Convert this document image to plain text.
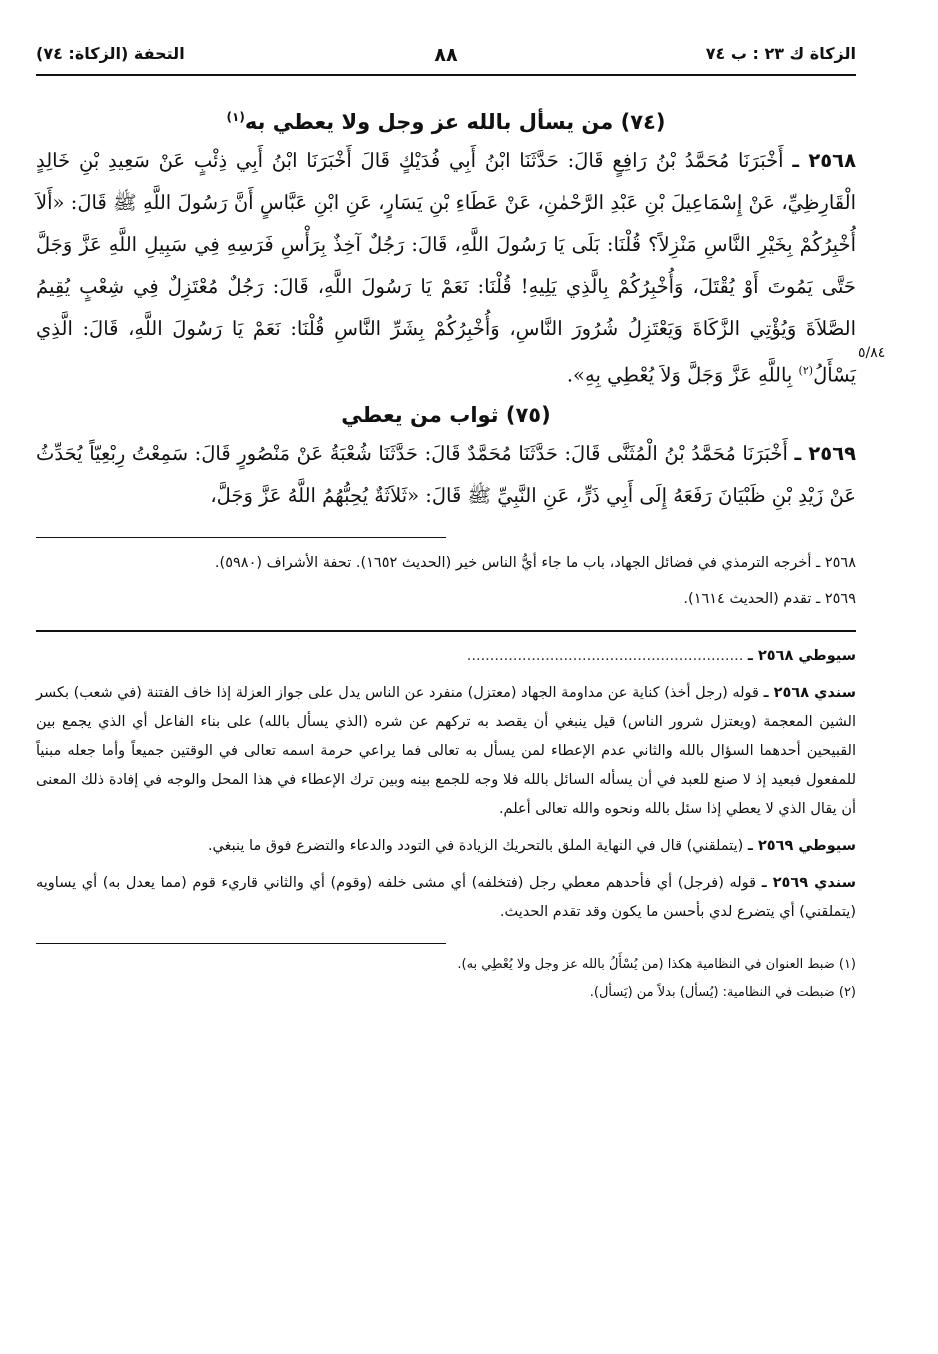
الزكاة ك ٢٣ : ب ٧٤
٨٨
التحفة (الزكاة: ٧٤)
(٧٤) من يسأل بالله عز وجل ولا يعطي به$^{(١)}$
٥/٨٤

٢٥٦٨ ـ أَخْبَرَنَا مُحَمَّدُ بْنُ رَافِعٍ قَالَ: حَدَّثَنَا ابْنُ أَبِي فُدَيْكٍ قَالَ أَخْبَرَنَا ابْنُ أَبِي ذِئْبٍ عَنْ سَعِيدِ بْنِ خَالِدٍ الْقَارِظِيِّ، عَنْ إِسْمَاعِيلَ بْنِ عَبْدِ الرَّحْمٰنِ، عَنْ عَطَاءِ بْنِ يَسَارٍ، عَنِ ابْنِ عَبَّاسٍ أَنَّ رَسُولَ اللَّهِ ﷺ قَالَ: «أَلاَ أُخْبِرُكُمْ بِخَيْرِ النَّاسِ مَنْزِلاً؟ قُلْنَا: بَلَى يَا رَسُولَ اللَّهِ، قَالَ: رَجُلٌ آخِذٌ بِرَأْسِ فَرَسِهِ فِي سَبِيلِ اللَّهِ عَزَّ وَجَلَّ حَتَّى يَمُوتَ أَوْ يُقْتَلَ، وَأُخْبِرُكُمْ بِالَّذِي يَلِيهِ! قُلْنَا: نَعَمْ يَا رَسُولَ اللَّهِ، قَالَ: رَجُلٌ مُعْتَزِلٌ فِي شِعْبٍ يُقِيمُ الصَّلاَةَ وَيُؤْتِي الزَّكَاةَ وَيَعْتَزِلُ شُرُورَ النَّاسِ، وَأُخْبِرُكُمْ بِشَرِّ النَّاسِ قُلْنَا: نَعَمْ يَا رَسُولَ اللَّهِ، قَالَ: الَّذِي يَسْأَلُ$^{(٢)}$ بِاللَّهِ عَزَّ وَجَلَّ وَلاَ يُعْطِي بِهِ».

(٧٥) ثواب من يعطي

٢٥٦٩ ـ أَخْبَرَنَا مُحَمَّدُ بْنُ الْمُثَنَّى قَالَ: حَدَّثَنَا مُحَمَّدٌ قَالَ: حَدَّثَنَا شُعْبَةُ عَنْ مَنْصُورٍ قَالَ: سَمِعْتُ رِبْعِيّاً يُحَدِّثُ عَنْ زَيْدِ بْنِ ظَبْيَانَ رَفَعَهُ إِلَى أَبِي ذَرٍّ، عَنِ النَّبِيِّ ﷺ قَالَ: «ثَلاَثَةٌ يُحِبُّهُمُ اللَّهُ عَزَّ وَجَلَّ،

٢٥٦٨ ـ أخرجه الترمذي في فضائل الجهاد، باب ما جاء أيُّ الناس خير (الحديث ١٦٥٢). تحفة الأشراف (٥٩٨٠).

٢٥٦٩ ـ تقدم (الحديث ١٦١٤).

سيوطي ٢٥٦٨ ـ ............................................................

سندي ٢٥٦٨ ـ قوله (رجل أخذ) كناية عن مداومة الجهاد (معتزل) منفرد عن الناس يدل على جواز العزلة إذا خاف الفتنة (في شعب) بكسر الشين المعجمة (ويعتزل شرور الناس) قيل ينبغي أن يقصد به تركهم عن شره (الذي يسأل بالله) على بناء الفاعل أي الذي يجمع بين القبيحين أحدهما السؤال بالله والثاني عدم الإعطاء لمن يسأل به تعالى فما يراعي حرمة اسمه تعالى في الوقتين جميعاً وأما جعله مبنياً للمفعول فبعيد إذ لا صنع للعبد في أن يسأله السائل بالله فلا وجه للجمع بينه وبين ترك الإعطاء في هذا المحل والوجه في إفادة ذلك المعنى أن يقال الذي لا يعطي إذا سئل بالله ونحوه والله تعالى أعلم.

سيوطي ٢٥٦٩ ـ (يتملقني) قال في النهاية الملق بالتحريك الزيادة في التودد والدعاء والتضرع فوق ما ينبغي.

سندي ٢٥٦٩ ـ قوله (فرجل) أي فأحدهم معطي رجل (فتخلفه) أي مشى خلفه (وقوم) أي والثاني قاريء قوم (مما يعدل به) أي يساويه (يتملقني) أي يتضرع لدي بأحسن ما يكون وقد تقدم الحديث.

(١) ضبط العنوان في النظامية هكذا (من يُسْأَلُ بالله عز وجل ولا يُعْطِي به).

(٢) ضبطت في النظامية: (يُسأل) بدلاً من (يَسأل).
